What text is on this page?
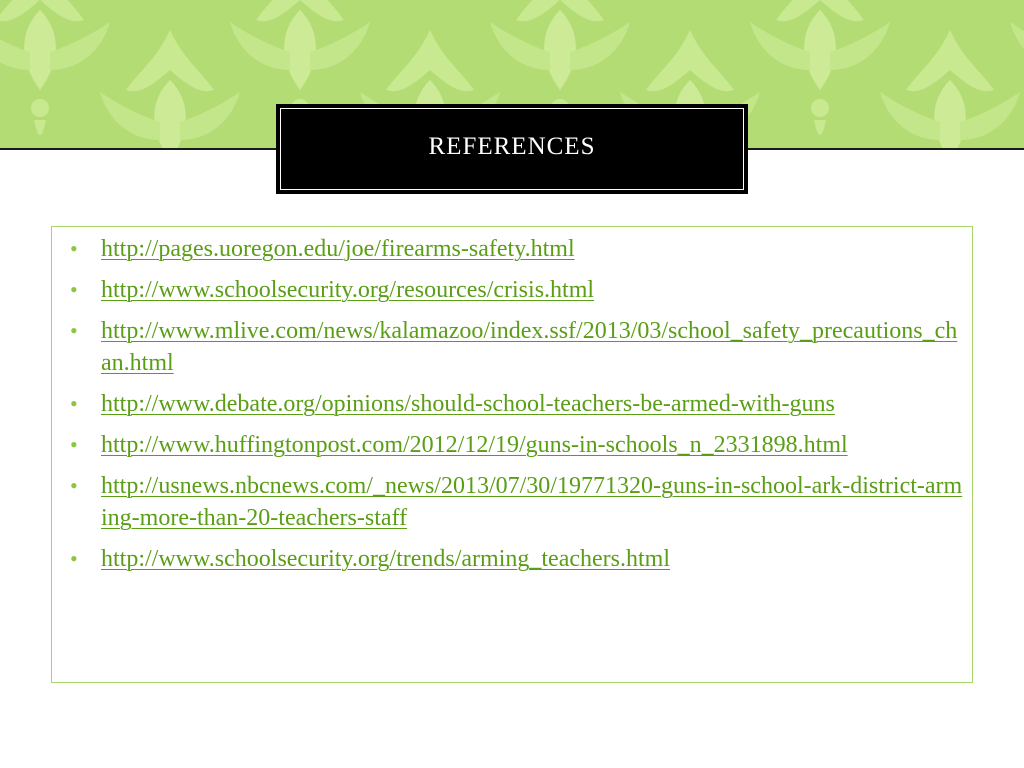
REFERENCES
• http://pages.uoregon.edu/joe/firearms-safety.html
• http://www.schoolsecurity.org/resources/crisis.html
• http://www.mlive.com/news/kalamazoo/index.ssf/2013/03/school_safety_precautions_chan.html
• http://www.debate.org/opinions/should-school-teachers-be-armed-with-guns
• http://www.huffingtonpost.com/2012/12/19/guns-in-schools_n_2331898.html
• http://usnews.nbcnews.com/_news/2013/07/30/19771320-guns-in-school-ark-district-arming-more-than-20-teachers-staff
• http://www.schoolsecurity.org/trends/arming_teachers.html
